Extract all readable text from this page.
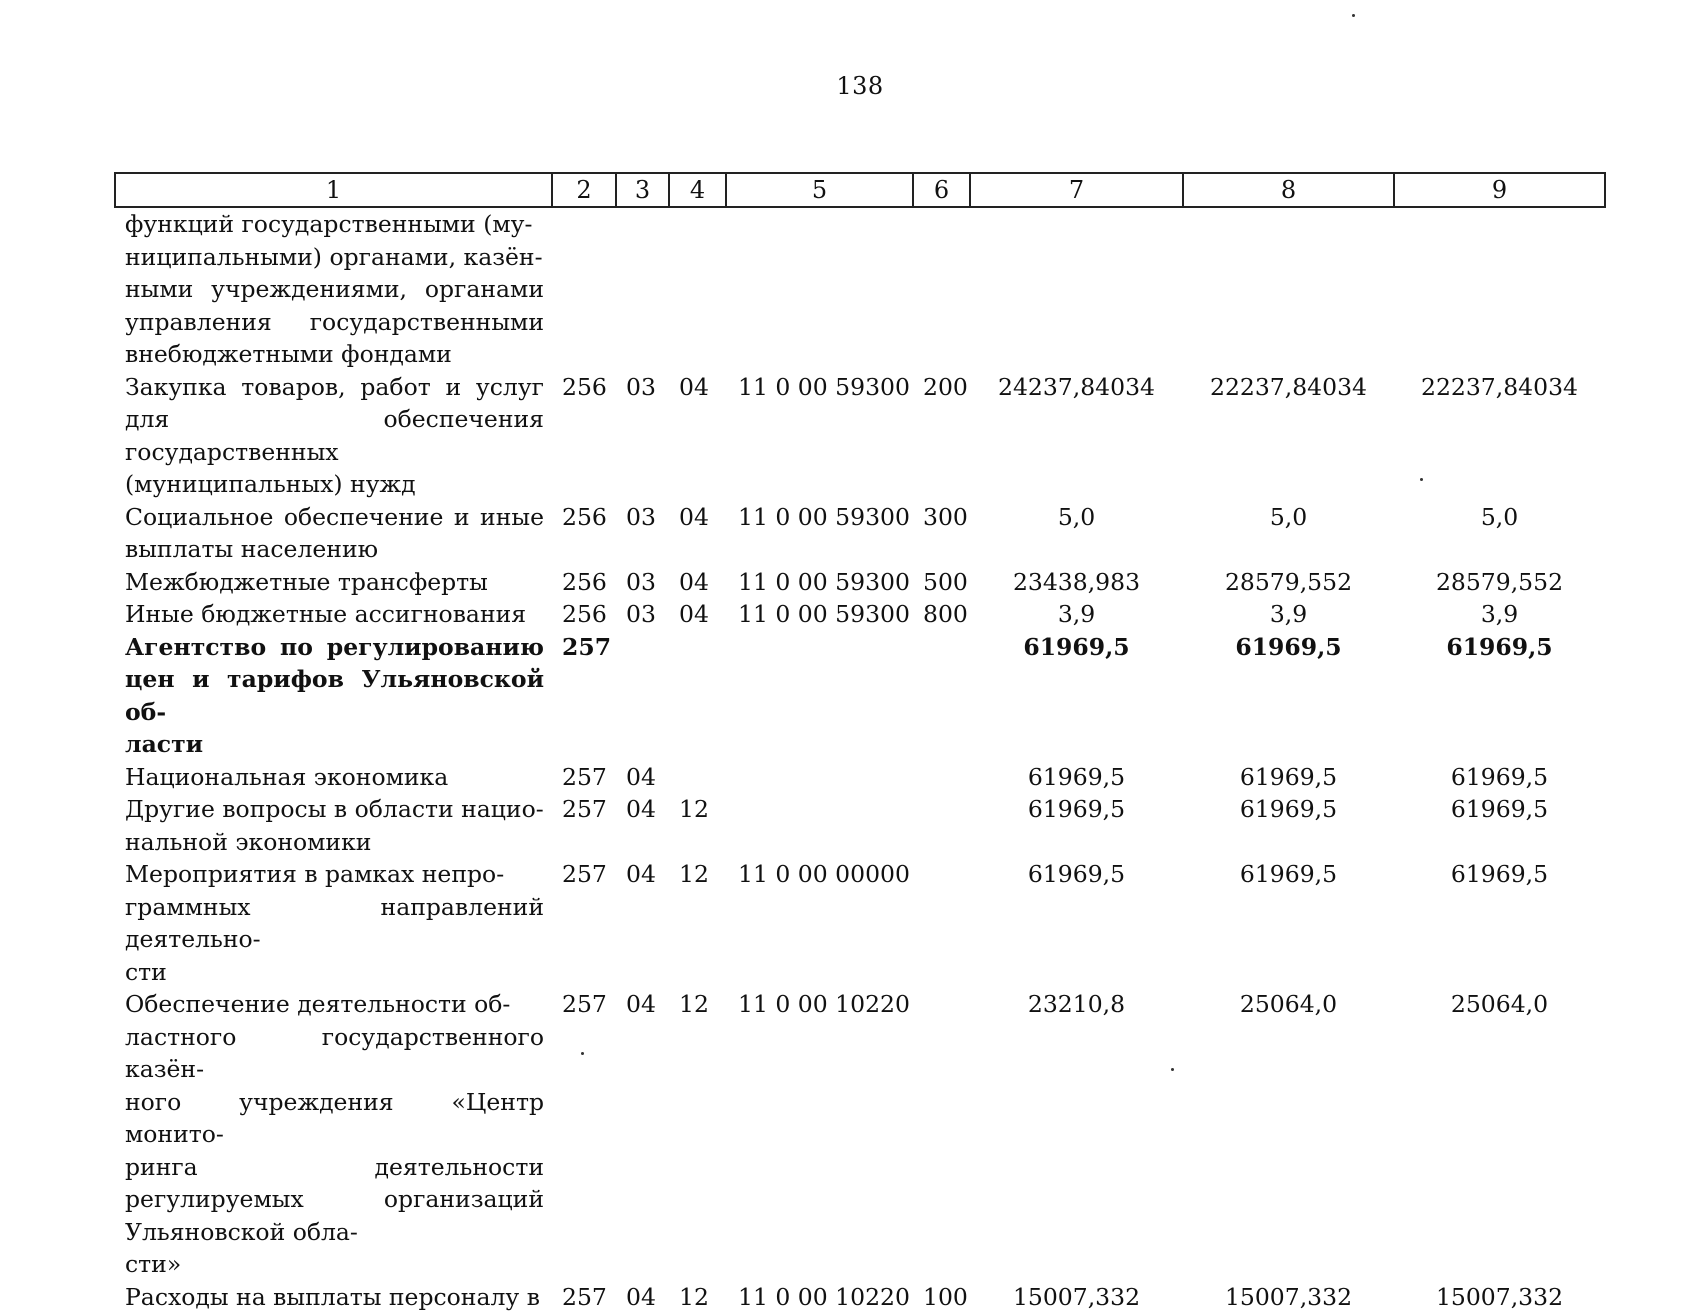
138
1	2	3	4	5	6	7	8	9
функций государственными (му-
ниципальными) органами, казён-
ными учреждениями, органами управления государственными внебюджетными фондами								
Закупка товаров, работ и услуг для обеспечения государственных (муниципальных) нужд	256	03	04	11 0 00 59300	200	24237,84034	22237,84034	22237,84034
Социальное обеспечение и иные выплаты населению	256	03	04	11 0 00 59300	300	5,0	5,0	5,0
Межбюджетные трансферты	256	03	04	11 0 00 59300	500	23438,983	28579,552	28579,552
Иные бюджетные ассигнования	256	03	04	11 0 00 59300	800	3,9	3,9	3,9
Агентство по регулированию цен и тарифов Ульяновской об-
ласти	257					61969,5	61969,5	61969,5
Национальная экономика	257	04				61969,5	61969,5	61969,5
Другие вопросы в области нацио-
нальной экономики	257	04	12			61969,5	61969,5	61969,5
Мероприятия в рамках непро-
граммных направлений деятельно-
сти	257	04	12	11 0 00 00000		61969,5	61969,5	61969,5
Обеспечение деятельности об-
ластного государственного казён-
ного учреждения «Центр монито-
ринга деятельности регулируемых организаций Ульяновской обла-
сти»	257	04	12	11 0 00 10220		23210,8	25064,0	25064,0
Расходы на выплаты персоналу в	257	04	12	11 0 00 10220	100	15007,332	15007,332	15007,332
